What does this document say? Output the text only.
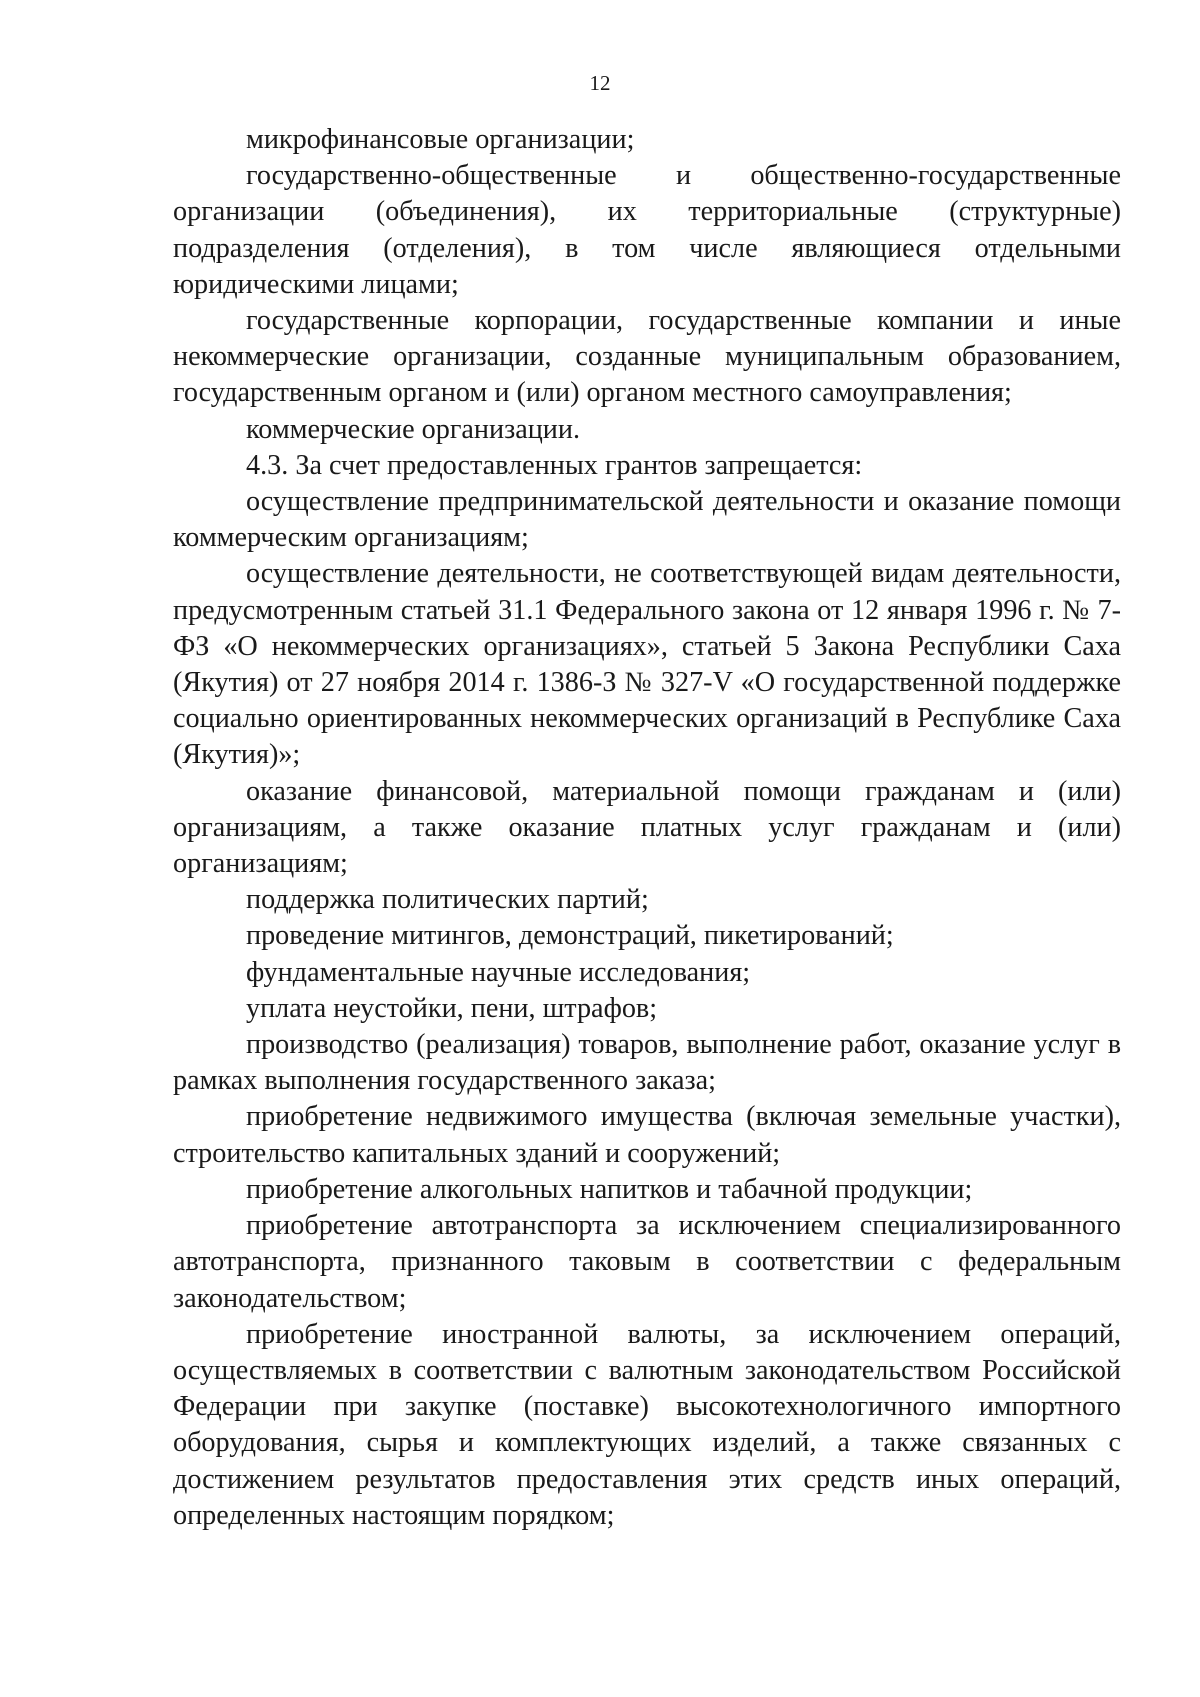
12

микрофинансовые организации;

государственно-общественные и общественно-государственные организации (объединения), их территориальные (структурные) подразделения (отделения), в том числе являющиеся отдельными юридическими лицами;

государственные корпорации, государственные компании и иные некоммерческие организации, созданные муниципальным образованием, государственным органом и (или) органом местного самоуправления;

коммерческие организации.

4.3. За счет предоставленных грантов запрещается:

осуществление предпринимательской деятельности и оказание помощи коммерческим организациям;

осуществление деятельности, не соответствующей видам деятельности, предусмотренным статьей 31.1 Федерального закона от 12 января 1996 г. № 7-ФЗ «О некоммерческих организациях», статьей 5 Закона Республики Саха (Якутия) от 27 ноября 2014 г. 1386-З № 327-V «О государственной поддержке социально ориентированных некоммерческих организаций в Республике Саха (Якутия)»;

оказание финансовой, материальной помощи гражданам и (или) организациям, а также оказание платных услуг гражданам и (или) организациям;

поддержка политических партий;

проведение митингов, демонстраций, пикетирований;

фундаментальные научные исследования;

уплата неустойки, пени, штрафов;

производство (реализация) товаров, выполнение работ, оказание услуг в рамках выполнения государственного заказа;

приобретение недвижимого имущества (включая земельные участки), строительство капитальных зданий и сооружений;

приобретение алкогольных напитков и табачной продукции;

приобретение автотранспорта за исключением специализированного автотранспорта, признанного таковым в соответствии с федеральным законодательством;

приобретение иностранной валюты, за исключением операций, осуществляемых в соответствии с валютным законодательством Российской Федерации при закупке (поставке) высокотехнологичного импортного оборудования, сырья и комплектующих изделий, а также связанных с достижением результатов предоставления этих средств иных операций, определенных настоящим порядком;
